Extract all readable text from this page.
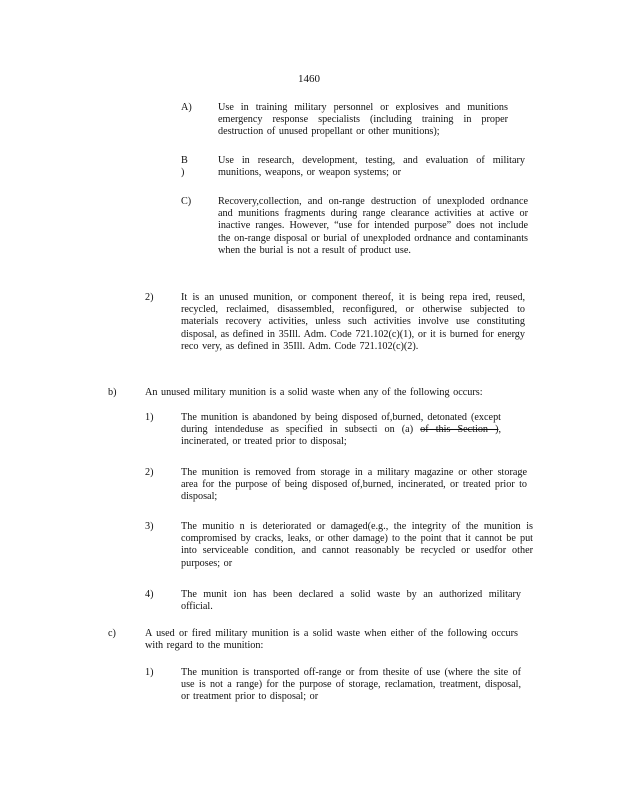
1460
A)	Use in training military personnel or explosives and munitions emergency response specialists (including training in proper destruction of unused propellant or other munitions);
B )
Use in research, development, testing, and evaluation of military munitions, weapons, or weapon systems; or
C)	Recovery,collection, and on-range destruction of unexploded ordnance and munitions fragments during range clearance activities at active or inactive ranges. However, “use for intended purpose” does not include the on-range disposal or burial of unexploded ordnance and contaminants when the burial is not a result of product use.
2)	It is an unused munition, or component thereof, it is being repa ired, reused, recycled, reclaimed, disassembled, reconfigured, or otherwise subjected to materials recovery activities, unless such activities involve use constituting disposal, as defined in 35Ill. Adm. Code 721.102(c)(1), or it is burned for energy reco very, as defined in 35Ill. Adm. Code 721.102(c)(2).
b)	An unused military munition is a solid waste when any of the following occurs:
1)	The munition is abandoned by being disposed of,burned, detonated (except during intendeduse as specified in subsecti on (a) of this Section ), incinerated, or treated prior to disposal;
2)	The munition is removed from storage in a military magazine or other storage area for the purpose of being disposed of,burned, incinerated, or treated prior to disposal;
3)	The munitio n is deteriorated or damaged(e.g., the integrity of the munition is compromised by cracks, leaks, or other damage) to the point that it cannot be put into serviceable condition, and cannot reasonably be recycled or usedfor other purposes; or
4)	The munit ion has been declared a solid waste by an authorized military official.
c)	A used or fired military munition is a solid waste when either of the following occurs with regard to the munition:
1)	The munition is transported off-range or from thesite of use (where the site of use is not a range) for the purpose of storage, reclamation, treatment, disposal, or treatment prior to disposal; or
